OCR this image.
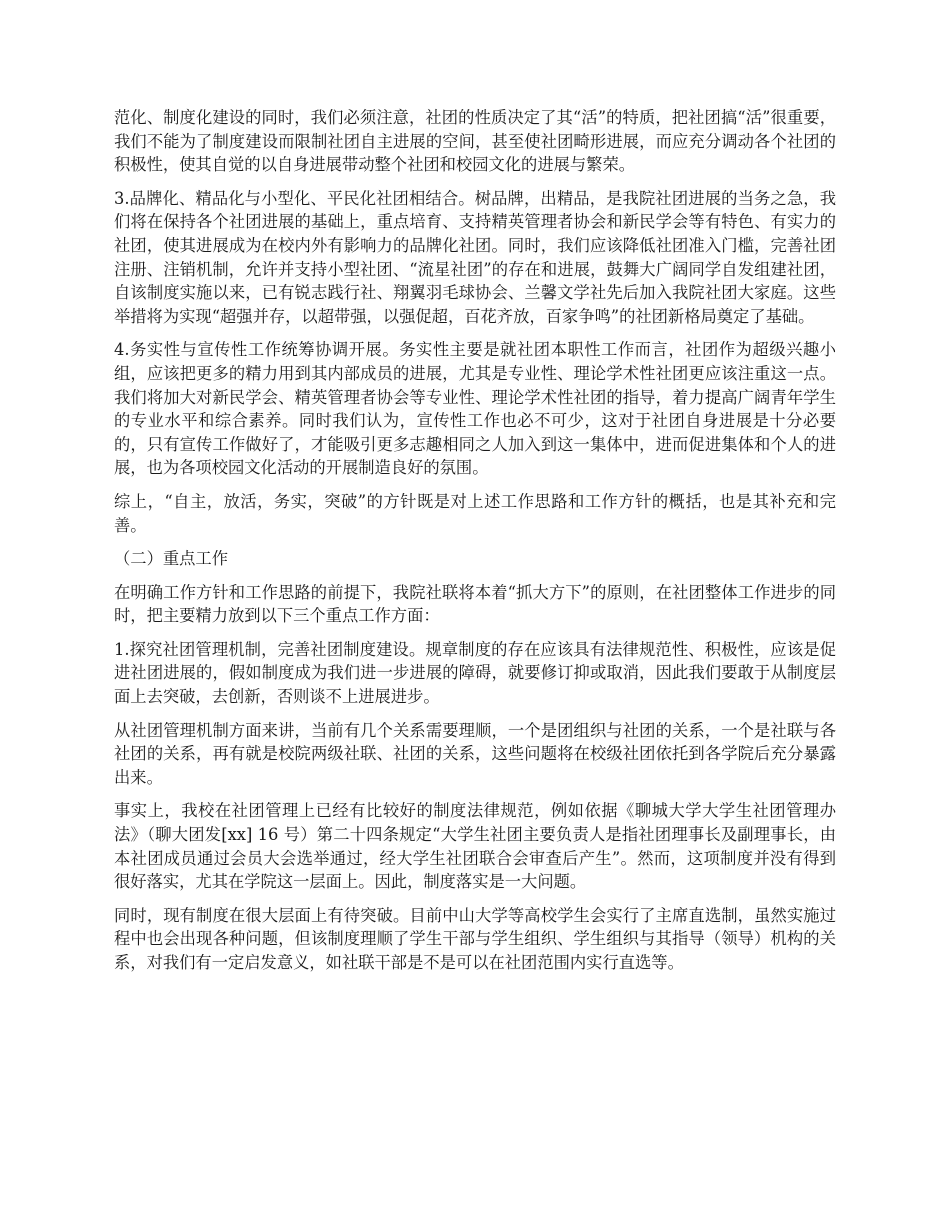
范化、制度化建设的同时，我们必须注意，社团的性质决定了其“活”的特质，把社团搞“活”很重要，我们不能为了制度建设而限制社团自主进展的空间，甚至使社团畸形进展，而应充分调动各个社团的积极性，使其自觉的以自身进展带动整个社团和校园文化的进展与繁荣。

3.品牌化、精品化与小型化、平民化社团相结合。树品牌，出精品，是我院社团进展的当务之急，我们将在保持各个社团进展的基础上，重点培育、支持精英管理者协会和新民学会等有特色、有实力的社团，使其进展成为在校内外有影响力的品牌化社团。同时，我们应该降低社团准入门槛，完善社团注册、注销机制，允许并支持小型社团、“流星社团”的存在和进展，鼓舞大广阔同学自发组建社团，自该制度实施以来，已有锐志践行社、翔翼羽毛球协会、兰馨文学社先后加入我院社团大家庭。这些举措将为实现“超强并存，以超带强，以强促超，百花齐放，百家争鸣”的社团新格局奠定了基础。

4.务实性与宣传性工作统筹协调开展。务实性主要是就社团本职性工作而言，社团作为超级兴趣小组，应该把更多的精力用到其内部成员的进展，尤其是专业性、理论学术性社团更应该注重这一点。我们将加大对新民学会、精英管理者协会等专业性、理论学术性社团的指导，着力提高广阔青年学生的专业水平和综合素养。同时我们认为，宣传性工作也必不可少，这对于社团自身进展是十分必要的，只有宣传工作做好了，才能吸引更多志趣相同之人加入到这一集体中，进而促进集体和个人的进展，也为各项校园文化活动的开展制造良好的氛围。

综上，“自主，放活，务实，突破”的方针既是对上述工作思路和工作方针的概括，也是其补充和完善。

（二）重点工作

在明确工作方针和工作思路的前提下，我院社联将本着“抓大方下”的原则，在社团整体工作进步的同时，把主要精力放到以下三个重点工作方面：

1.探究社团管理机制，完善社团制度建设。规章制度的存在应该具有法律规范性、积极性，应该是促进社团进展的，假如制度成为我们进一步进展的障碍，就要修订抑或取消，因此我们要敢于从制度层面上去突破，去创新，否则谈不上进展进步。

从社团管理机制方面来讲，当前有几个关系需要理顺，一个是团组织与社团的关系，一个是社联与各社团的关系，再有就是校院两级社联、社团的关系，这些问题将在校级社团依托到各学院后充分暴露出来。

事实上，我校在社团管理上已经有比较好的制度法律规范，例如依据《聊城大学大学生社团管理办法》（聊大团发[xx] 16 号）第二十四条规定“大学生社团主要负责人是指社团理事长及副理事长，由本社团成员通过会员大会选举通过，经大学生社团联合会审查后产生”。然而，这项制度并没有得到很好落实，尤其在学院这一层面上。因此，制度落实是一大问题。

同时，现有制度在很大层面上有待突破。目前中山大学等高校学生会实行了主席直选制，虽然实施过程中也会出现各种问题，但该制度理顺了学生干部与学生组织、学生组织与其指导（领导）机构的关系，对我们有一定启发意义，如社联干部是不是可以在社团范围内实行直选等。
